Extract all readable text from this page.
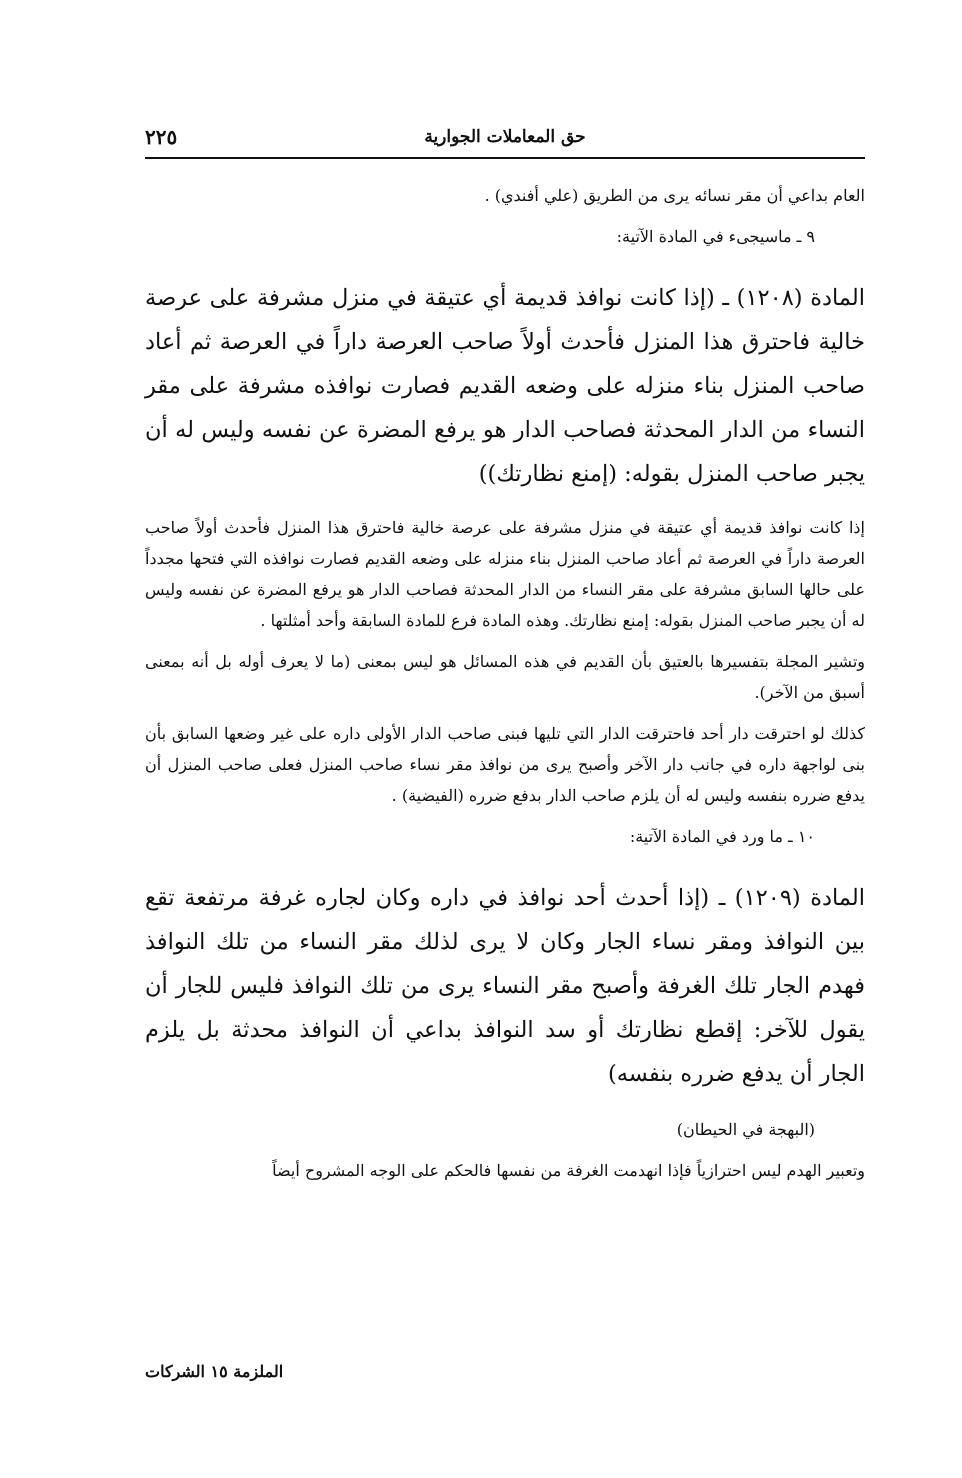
٢٢٥	حق المعاملات الجوارية

العام بداعي أن مقر نسائه يرى من الطريق (علي أفندي) .

٩ ـ ماسيجىء في المادة الآتية:

المادة (١٢٠٨) ـ (إذا كانت نوافذ قديمة أي عتيقة في منزل مشرفة على عرصة خالية فاحترق هذا المنزل فأحدث أولاً صاحب العرصة داراً في العرصة ثم أعاد صاحب المنزل بناء منزله على وضعه القديم فصارت نوافذه مشرفة على مقر النساء من الدار المحدثة فصاحب الدار هو يرفع المضرة عن نفسه وليس له أن يجبر صاحب المنزل بقوله: (إمنع نظارتك))

إذا كانت نوافذ قديمة أي عتيقة في منزل مشرفة على عرصة خالية فاحترق هذا المنزل فأحدث أولاً صاحب العرصة داراً في العرصة ثم أعاد صاحب المنزل بناء منزله على وضعه القديم فصارت نوافذه التي فتحها مجدداً على حالها السابق مشرفة على مقر النساء من الدار المحدثة فصاحب الدار هو يرفع المضرة عن نفسه وليس له أن يجبر صاحب المنزل بقوله: إمنع نظارتك. وهذه المادة فرع للمادة السابقة وأحد أمثلتها .

وتشير المجلة بتفسيرها بالعتيق بأن القديم في هذه المسائل هو ليس بمعنى (ما لا يعرف أوله بل أنه بمعنى أسبق من الآخر).

كذلك لو احترقت دار أحد فاحترقت الدار التي تليها فبنى صاحب الدار الأولى داره على غير وضعها السابق بأن بنى لواجهة داره في جانب دار الآخر وأصبح يرى من نوافذ مقر نساء صاحب المنزل فعلى صاحب المنزل أن يدفع ضرره بنفسه وليس له أن يلزم صاحب الدار بدفع ضرره (الفيضية) .

١٠ ـ ما ورد في المادة الآتية:

المادة (١٢٠٩) ـ (إذا أحدث أحد نوافذ في داره وكان لجاره غرفة مرتفعة تقع بين النوافذ ومقر نساء الجار وكان لا يرى لذلك مقر النساء من تلك النوافذ فهدم الجار تلك الغرفة وأصبح مقر النساء يرى من تلك النوافذ فليس للجار أن يقول للآخر: إقطع نظارتك أو سد النوافذ بداعي أن النوافذ محدثة بل يلزم الجار أن يدفع ضرره بنفسه)

(البهجة في الحيطان)

وتعبير الهدم ليس احترازياً فإذا انهدمت الغرفة من نفسها فالحكم على الوجه المشروح أيضاً

الملزمة ١٥ الشركات
